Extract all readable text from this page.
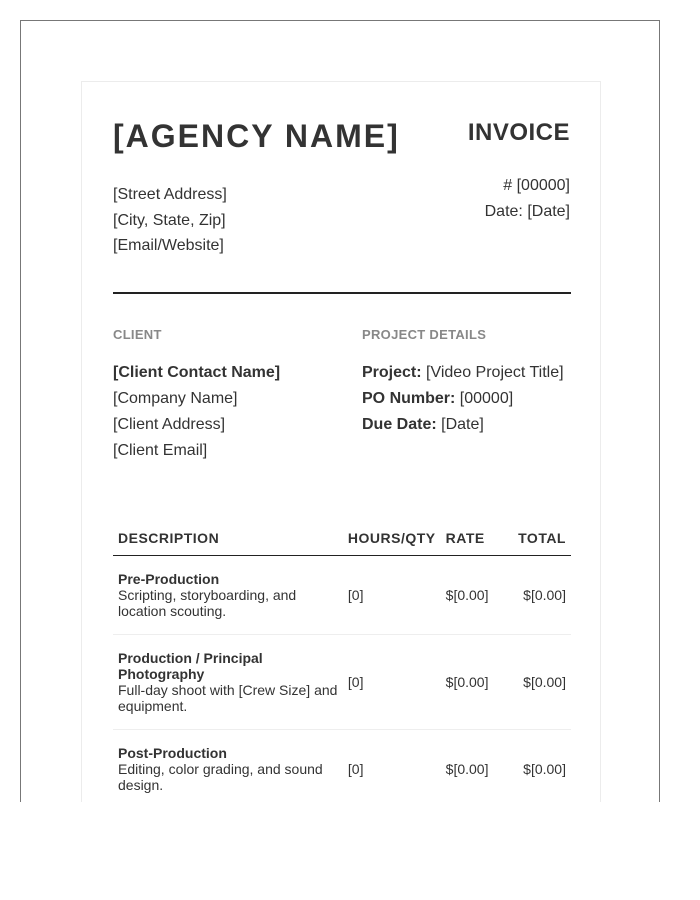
[AGENCY NAME]
[Street Address]
[City, State, Zip]
[Email/Website]
INVOICE
# [00000]
Date: [Date]
CLIENT	PROJECT DETAILS
[Client Contact Name]
[Company Name]
[Client Address]
[Client Email]
Project: [Video Project Title]
PO Number: [00000]
Due Date: [Date]
DESCRIPTION	HOURS/QTY	RATE	TOTAL

Pre-Production
Scripting, storyboarding, and location scouting.	[0]	$[0.00]	$[0.00]

Production / Principal Photography
Full-day shoot with [Crew Size] and equipment.	[0]	$[0.00]	$[0.00]

Post-Production
Editing, color grading, and sound design.	[0]	$[0.00]	$[0.00]
